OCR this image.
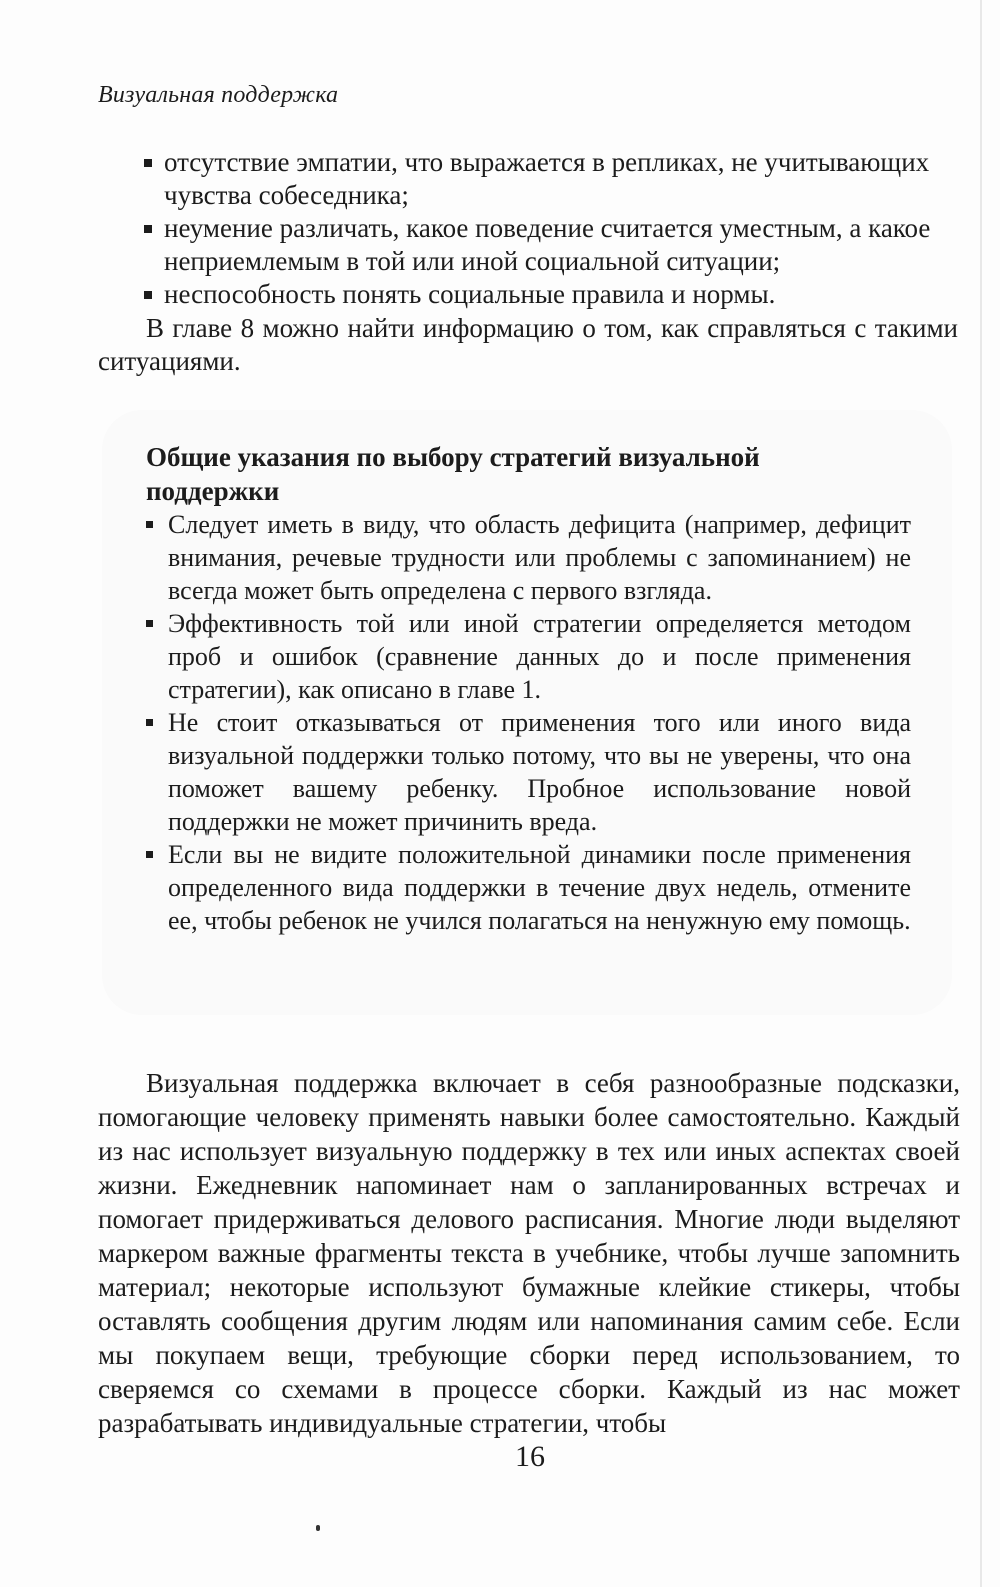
Визуальная поддержка
отсутствие эмпатии, что выражается в репликах, не учитывающих чувства собеседника;
неумение различать, какое поведение считается уместным, а какое неприемлемым в той или иной социальной ситуации;
неспособность понять социальные правила и нормы.

В главе 8 можно найти информацию о том, как справляться с такими ситуациями.

Общие указания по выбору стратегий визуальной поддержки
Следует иметь в виду, что область дефицита (например, дефицит внимания, речевые трудности или проблемы с запоминанием) не всегда может быть определена с первого взгляда.
Эффективность той или иной стратегии определяется методом проб и ошибок (сравнение данных до и после применения стратегии), как описано в главе 1.
Не стоит отказываться от применения того или иного вида визуальной поддержки только потому, что вы не уверены, что она поможет вашему ребенку. Пробное использование новой поддержки не может причинить вреда.
Если вы не видите положительной динамики после применения определенного вида поддержки в течение двух недель, отмените ее, чтобы ребенок не учился полагаться на ненужную ему помощь.

Визуальная поддержка включает в себя разнообразные подсказки, помогающие человеку применять навыки более самостоятельно. Каждый из нас использует визуальную поддержку в тех или иных аспектах своей жизни. Ежедневник напоминает нам о запланированных встречах и помогает придерживаться делового расписания. Многие люди выделяют маркером важные фрагменты текста в учебнике, чтобы лучше запомнить материал; некоторые используют бумажные клейкие стикеры, чтобы оставлять сообщения другим людям или напоминания самим себе. Если мы покупаем вещи, требующие сборки перед использованием, то сверяемся со схемами в процессе сборки. Каждый из нас может разрабатывать индивидуальные стратегии, чтобы

16
